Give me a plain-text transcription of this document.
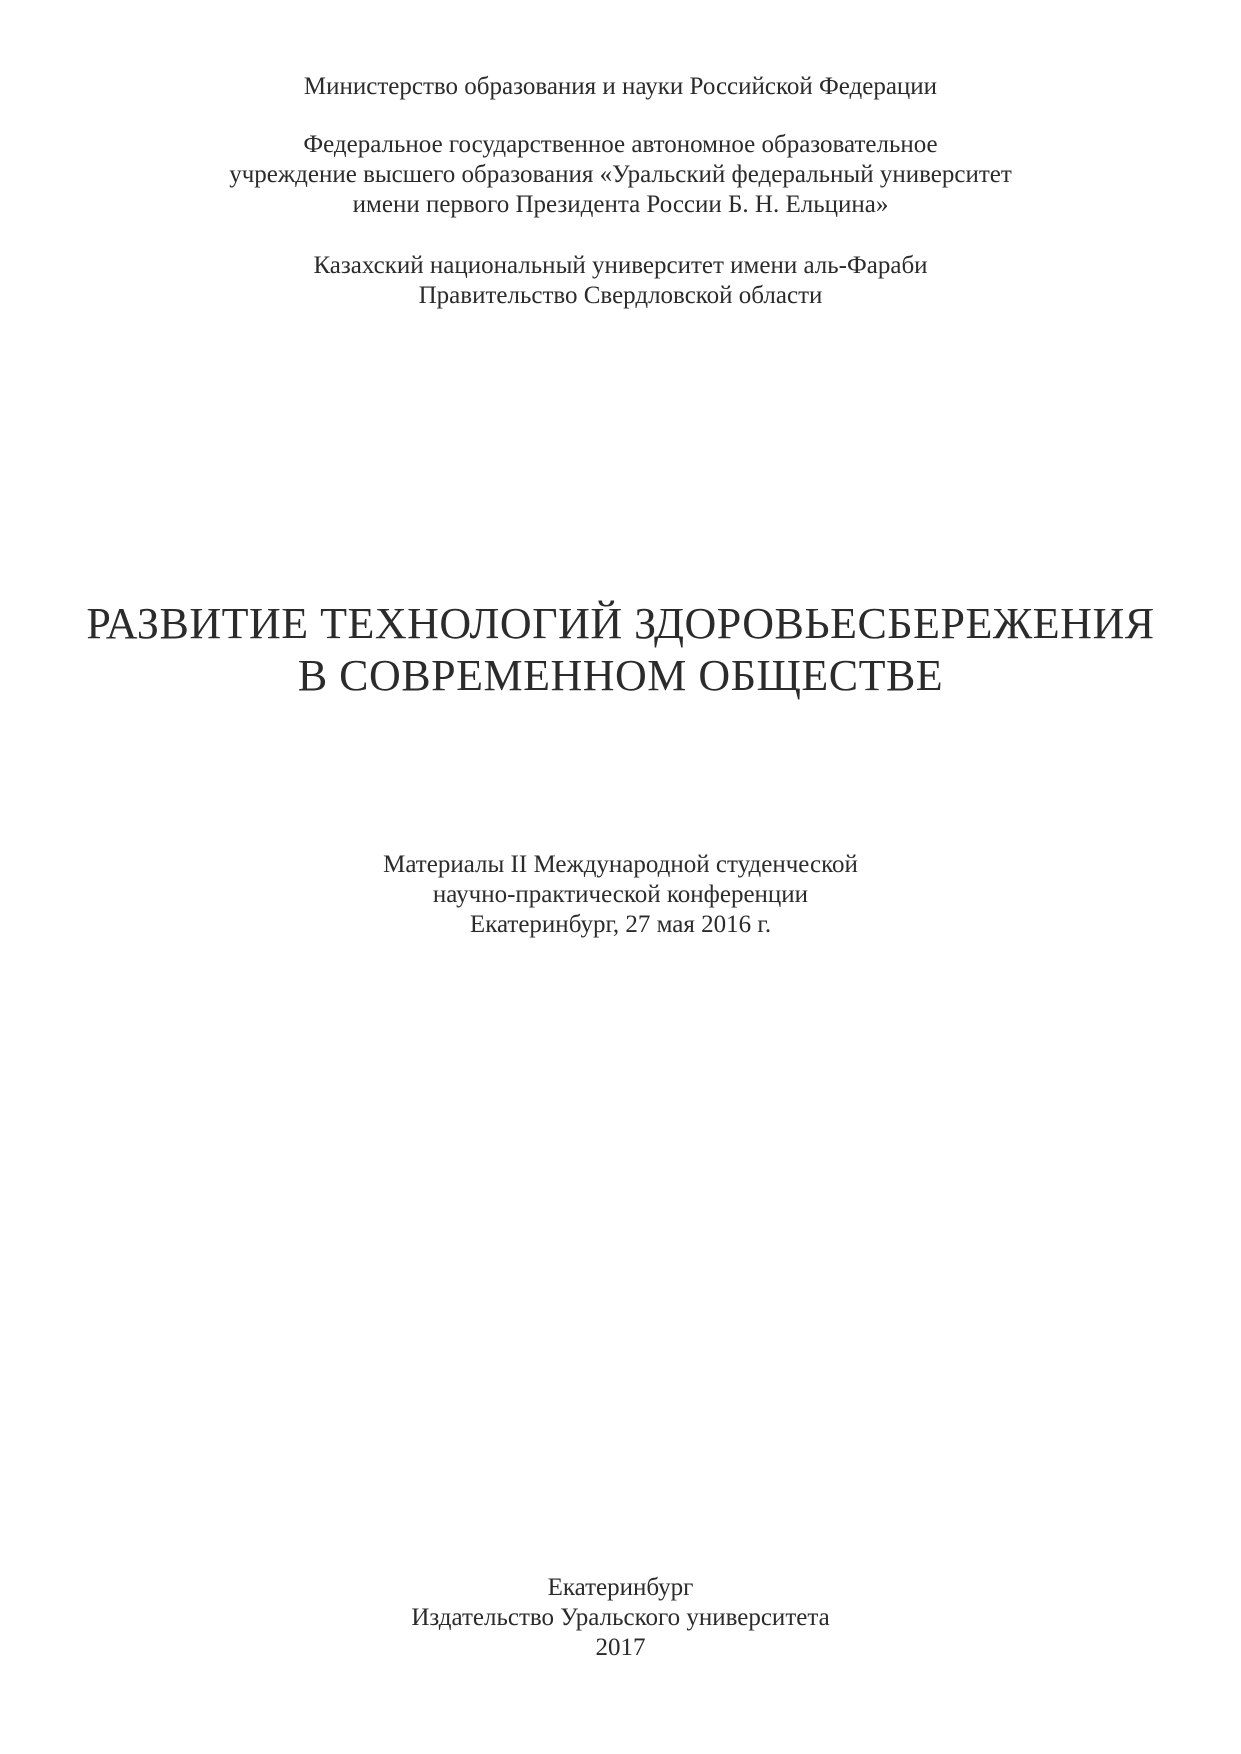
Министерство образования и науки Российской Федерации
Федеральное государственное автономное образовательное
учреждение высшего образования «Уральский федеральный университет
имени первого Президента России Б. Н. Ельцина»
Казахский национальный университет имени аль-Фараби
Правительство Свердловской области
РАЗВИТИЕ ТЕХНОЛОГИЙ ЗДОРОВЬЕСБЕРЕЖЕНИЯ
В СОВРЕМЕННОМ ОБЩЕСТВЕ
Материалы II Международной студенческой
научно-практической конференции
Екатеринбург, 27 мая 2016 г.
Екатеринбург
Издательство Уральского университета
2017
